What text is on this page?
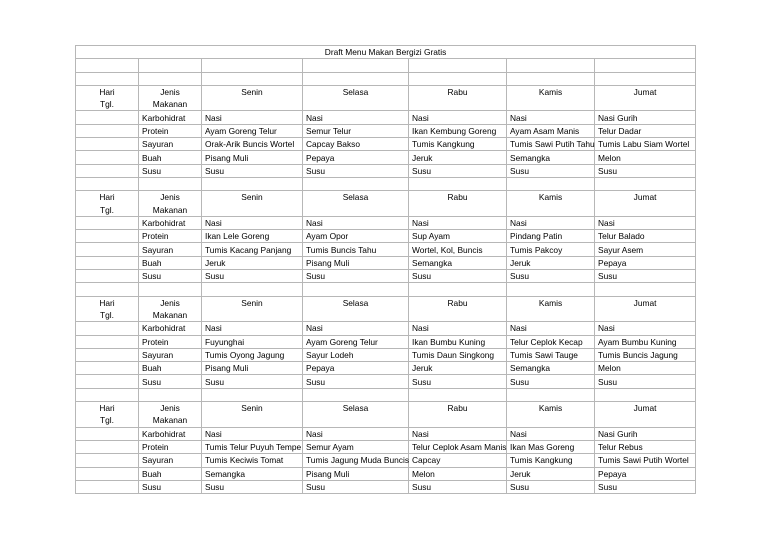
Draft Menu Makan Bergizi Gratis						

Hari	Jenis	Senin	Selasa	Rabu	Kamis	Jumat
Tgl.	Makanan					
	Karbohidrat	Nasi	Nasi	Nasi	Nasi	Nasi Gurih
	Protein	Ayam Goreng Telur	Semur Telur	Ikan Kembung Goreng	Ayam Asam Manis	Telur Dadar
	Sayuran	Orak-Arik Buncis Wortel	Capcay Bakso	Tumis Kangkung	Tumis Sawi Putih Tahu	Tumis Labu Siam Wortel
	Buah	Pisang Muli	Pepaya	Jeruk	Semangka	Melon
	Susu	Susu	Susu	Susu	Susu	Susu

Hari	Jenis	Senin	Selasa	Rabu	Kamis	Jumat
Tgl.	Makanan					
	Karbohidrat	Nasi	Nasi	Nasi	Nasi	Nasi
	Protein	Ikan Lele Goreng	Ayam Opor	Sup Ayam	Pindang Patin	Telur Balado
	Sayuran	Tumis Kacang Panjang	Tumis Buncis Tahu	Wortel, Kol, Buncis	Tumis Pakcoy	Sayur Asem
	Buah	Jeruk	Pisang Muli	Semangka	Jeruk	Pepaya
	Susu	Susu	Susu	Susu	Susu	Susu

Hari	Jenis	Senin	Selasa	Rabu	Kamis	Jumat
Tgl.	Makanan					
	Karbohidrat	Nasi	Nasi	Nasi	Nasi	Nasi
	Protein	Fuyunghai	Ayam Goreng Telur	Ikan Bumbu Kuning	Telur Ceplok Kecap	Ayam Bumbu Kuning
	Sayuran	Tumis Oyong Jagung	Sayur Lodeh	Tumis Daun Singkong	Tumis Sawi Tauge	Tumis Buncis Jagung
	Buah	Pisang Muli	Pepaya	Jeruk	Semangka	Melon
	Susu	Susu	Susu	Susu	Susu	Susu

Hari	Jenis	Senin	Selasa	Rabu	Kamis	Jumat
Tgl.	Makanan					
	Karbohidrat	Nasi	Nasi	Nasi	Nasi	Nasi Gurih
	Protein	Tumis Telur Puyuh Tempe	Semur Ayam	Telur Ceplok Asam Manis	Ikan Mas Goreng	Telur Rebus
	Sayuran	Tumis Keciwis Tomat	Tumis Jagung Muda Buncis	Capcay	Tumis Kangkung	Tumis Sawi Putih Wortel
	Buah	Semangka	Pisang Muli	Melon	Jeruk	Pepaya
	Susu	Susu	Susu	Susu	Susu	Susu
